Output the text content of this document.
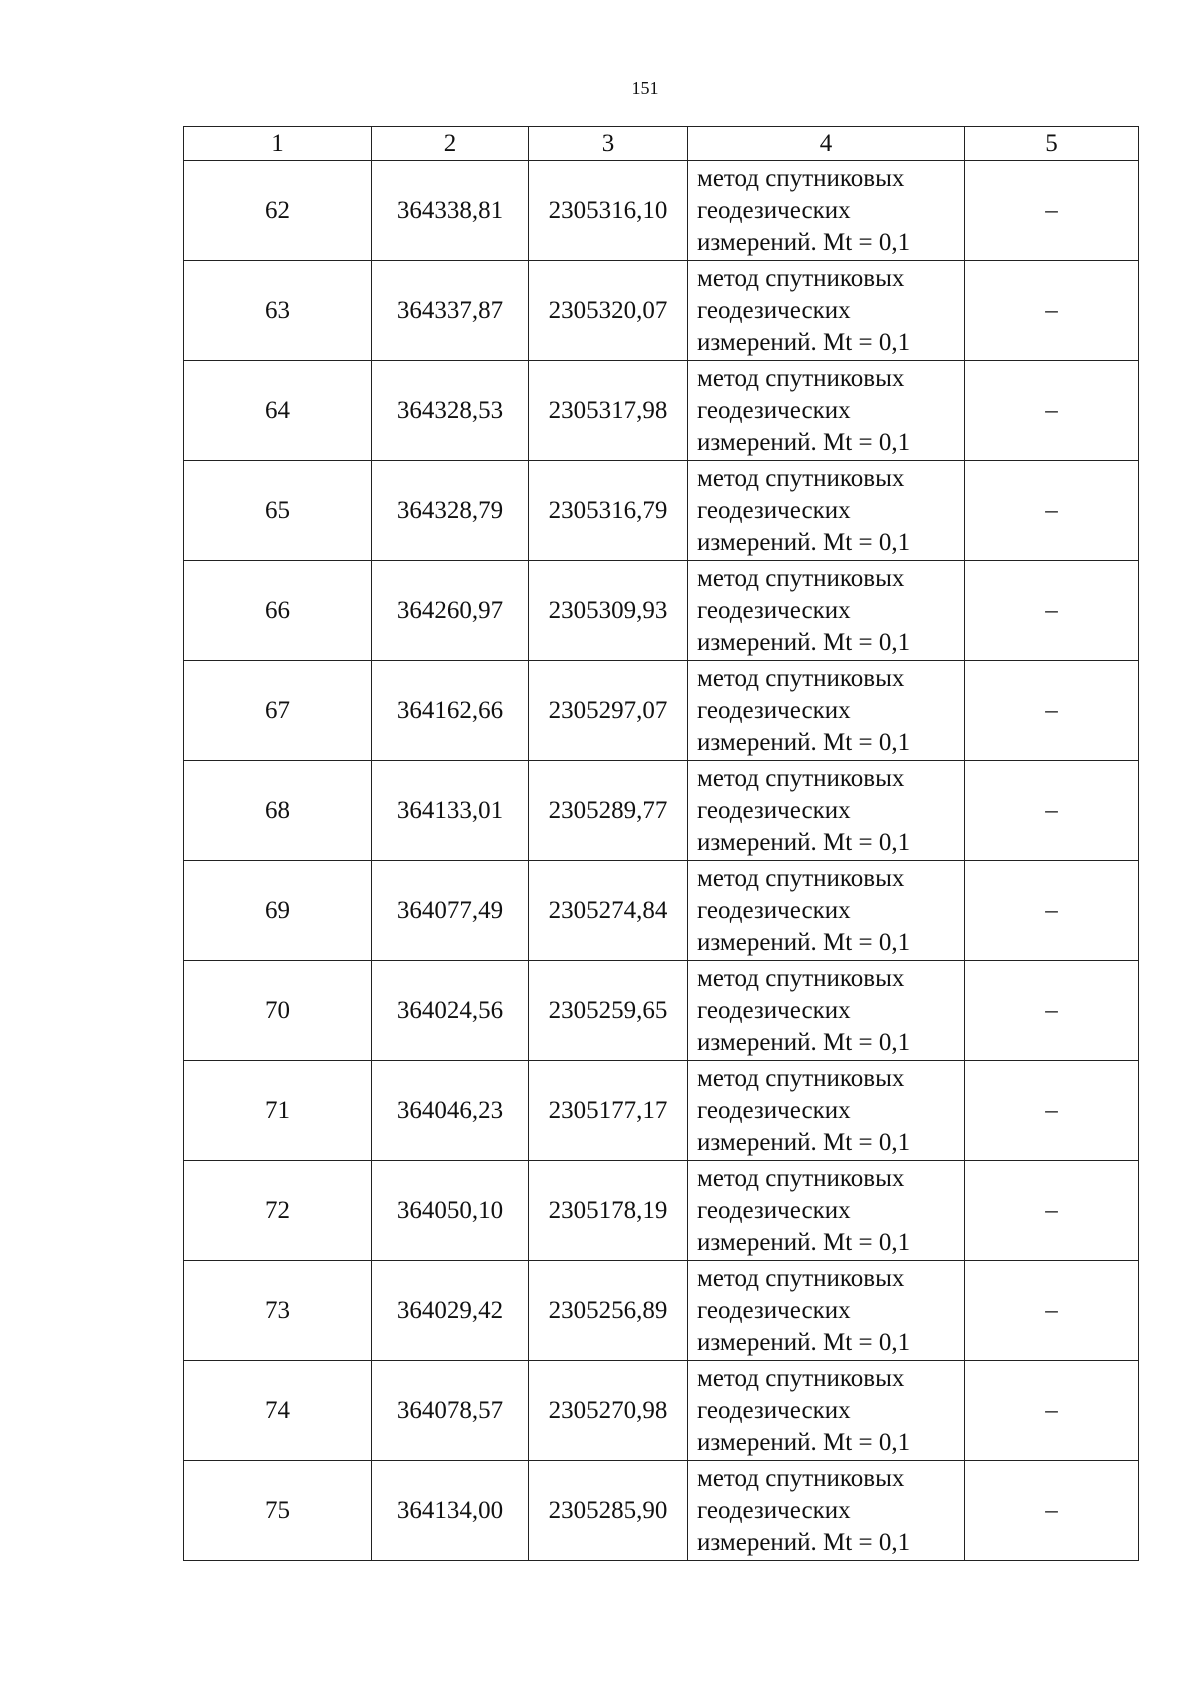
151
1	2	3	4	5
62	364338,81	2305316,10	метод спутниковых
геодезических
измерений. Mt = 0,1	–
63	364337,87	2305320,07	метод спутниковых
геодезических
измерений. Mt = 0,1	–
64	364328,53	2305317,98	метод спутниковых
геодезических
измерений. Mt = 0,1	–
65	364328,79	2305316,79	метод спутниковых
геодезических
измерений. Mt = 0,1	–
66	364260,97	2305309,93	метод спутниковых
геодезических
измерений. Mt = 0,1	–
67	364162,66	2305297,07	метод спутниковых
геодезических
измерений. Mt = 0,1	–
68	364133,01	2305289,77	метод спутниковых
геодезических
измерений. Mt = 0,1	–
69	364077,49	2305274,84	метод спутниковых
геодезических
измерений. Mt = 0,1	–
70	364024,56	2305259,65	метод спутниковых
геодезических
измерений. Mt = 0,1	–
71	364046,23	2305177,17	метод спутниковых
геодезических
измерений. Mt = 0,1	–
72	364050,10	2305178,19	метод спутниковых
геодезических
измерений. Mt = 0,1	–
73	364029,42	2305256,89	метод спутниковых
геодезических
измерений. Mt = 0,1	–
74	364078,57	2305270,98	метод спутниковых
геодезических
измерений. Mt = 0,1	–
75	364134,00	2305285,90	метод спутниковых
геодезических
измерений. Mt = 0,1	–
